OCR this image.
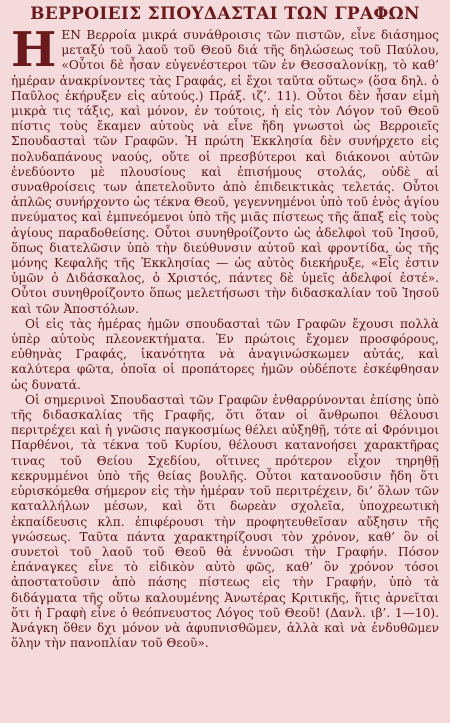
ΒΕΡΡΟΙΕΙΣ ΣΠΟΥΔΑΣΤΑΙ ΤΩΝ ΓΡΑΦΩΝ

ΗΕΝ Βερροία μικρά συνάθροισις τῶν πιστῶν, εἶνε διάσημος μεταξύ τοῦ λαοῦ τοῦ Θεοῦ διά τῆς δηλώσεως τοῦ Παύλου, «Οὗτοι δὲ ἦσαν εὐγενέστεροι τῶν ἐν Θεσσαλονίκῃ, τὸ καθ’ ἡμέραν ἀνακρίνοντες τὰς Γραφάς, εἰ ἔχοι ταῦτα οὕτως» (ὅσα δηλ. ὁ Παῦλος ἐκήρυξεν εἰς αὐτούς.) Πράξ. ιζ’. 11). Οὗτοι δὲν ἦσαν εἰμὴ μικρὰ τις τάξις, καὶ μόνον, ἐν τούτοις, ἡ εἰς τὸν Λόγον τοῦ Θεοῦ πίστις τοὺς ἔκαμεν αὐτοὺς νὰ εἶνε ἤδη γνωστοὶ ὡς Βερροιεῖς Σπουδασταὶ τῶν Γραφῶν. Ἡ πρώτη Ἐκκλησία δὲν συνήρχετο εἰς πολυδαπάνους ναούς, οὔτε οἱ πρεσβύτεροι καὶ διάκονοι αὐτῶν ἐνεδύοντο μὲ πλουσίους καὶ ἐπισήμους στολάς, οὐδὲ αἱ συναθροίσεις των ἀπετελοῦντο ἀπὸ ἐπιδεικτικὰς τελετάς. Οὗτοι ἁπλῶς συνήρχοντο ὡς τέκνα Θεοῦ, γεγεννημένοι ὑπὸ τοῦ ἑνὸς ἁγίου πνεύματος καὶ ἐμπνεόμενοι ὑπὸ τῆς μιᾶς πίστεως τῆς ἅπαξ εἰς τοὺς ἁγίους παραδοθείσης. Οὗτοι συνηθροίζοντο ὡς ἀδελφοὶ τοῦ Ἰησοῦ, ὅπως διατελῶσιν ὑπὸ τὴν διεύθυνσιν αὐτοῦ καὶ φροντίδα, ὡς τῆς μόνης Κεφαλῆς τῆς Ἐκκλησίας — ὡς αὐτὸς διεκήρυξε, «Εἷς ἐστιν ὑμῶν ὁ Διδάσκαλος, ὁ Χριστός, πάντες δὲ ὑμεῖς ἀδελφοί ἐστέ». Οὗτοι συνηθροίζοντο ὅπως μελετήσωσι τὴν διδασκαλίαν τοῦ Ἰησοῦ καὶ τῶν Ἀποστόλων.

Οἱ εἰς τὰς ἡμέρας ἡμῶν σπουδασταὶ τῶν Γραφῶν ἔχουσι πολλὰ ὑπὲρ αὐτοὺς πλεονεκτήματα. Ἐν πρώτοις ἔχομεν προσφόρους, εὐθηνὰς Γραφάς, ἱκανότητα νὰ ἀναγινώσκωμεν αὐτάς, καὶ καλύτερα φῶτα, ὁποῖα οἱ προπάτορες ἡμῶν οὐδέποτε ἐσκέφθησαν ὡς δυνατά.

Οἱ σημερινοὶ Σπουδασταὶ τῶν Γραφῶν ἐνθαρρύνονται ἐπίσης ὑπὸ τῆς διδασκαλίας τῆς Γραφῆς, ὅτι ὅταν οἱ ἄνθρωποι θέλουσι περιτρέχει καὶ ἡ γνῶσις παγκοσμίως θέλει αὐξηθῇ, τότε αἱ Φρόνιμοι Παρθένοι, τὰ τέκνα τοῦ Κυρίου, θέλουσι κατανοήσει χαρακτῆρας τινας τοῦ Θείου Σχεδίου, οἵτινες πρότερον εἶχον τηρηθῇ κεκρυμμένοι ὑπὸ τῆς θείας βουλῆς. Οὗτοι κατανοοῦσιν ἤδη ὅτι εὑρισκόμεθα σήμερον εἰς τὴν ἡμέραν τοῦ περιτρέχειν, δι’ ὅλων τῶν καταλλήλων μέσων, καὶ ὅτι δωρεὰν σχολεῖα, ὑποχρεωτικὴ ἐκπαίδευσις κλπ. ἐπιφέρουσι τὴν προφητευθεῖσαν αὔξησιν τῆς γνώσεως. Ταῦτα πάντα χαρακτηρίζουσι τὸν χρόνον, καθ’ ὃν οἱ συνετοὶ τοῦ λαοῦ τοῦ Θεοῦ θὰ ἐννοῶσι τὴν Γραφήν. Πόσον ἐπάναγκες εἶνε τὸ εἰδικὸν αὐτὸ φῶς, καθ’ ὃν χρόνον τόσοι ἀποστατοῦσιν ἀπὸ πάσης πίστεως εἰς τὴν Γραφήν, ὑπὸ τὰ διδάγματα τῆς οὕτω καλουμένης Ἀνωτέρας Κριτικῆς, ἥτις ἀρνεῖται ὅτι ἡ Γραφὴ εἶνε ὁ θεόπνευστος Λόγος τοῦ Θεοῦ! (Δανλ. ιβ’. 1—10). Ἀνάγκη ὅθεν δχι μόνον νὰ ἀφυπνισθῶμεν, ἀλλὰ καὶ νὰ ἐνδυθῶμεν ὅλην τὴν πανοπλίαν τοῦ Θεοῦ».
